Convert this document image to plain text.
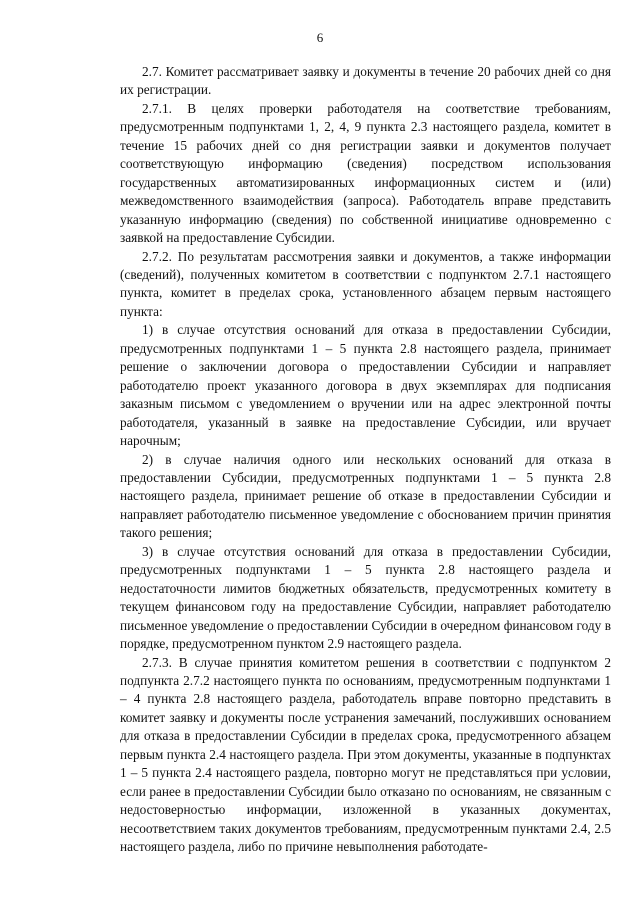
6

2.7. Комитет рассматривает заявку и документы в течение 20 рабочих дней со дня их регистрации.

2.7.1. В целях проверки работодателя на соответствие требованиям, предусмотренным подпунктами 1, 2, 4, 9 пункта 2.3 настоящего раздела, комитет в течение 15 рабочих дней со дня регистрации заявки и документов получает соответствующую информацию (сведения) посредством использования государственных автоматизированных информационных систем и (или) межведомственного взаимодействия (запроса). Работодатель вправе представить указанную информацию (сведения) по собственной инициативе одновременно с заявкой на предоставление Субсидии.

2.7.2. По результатам рассмотрения заявки и документов, а также информации (сведений), полученных комитетом в соответствии с подпунктом 2.7.1 настоящего пункта, комитет в пределах срока, установленного абзацем первым настоящего пункта:

1) в случае отсутствия оснований для отказа в предоставлении Субсидии, предусмотренных подпунктами 1 – 5 пункта 2.8 настоящего раздела, принимает решение о заключении договора о предоставлении Субсидии и направляет работодателю проект указанного договора в двух экземплярах для подписания заказным письмом с уведомлением о вручении или на адрес электронной почты работодателя, указанный в заявке на предоставление Субсидии, или вручает нарочным;

2) в случае наличия одного или нескольких оснований для отказа в предоставлении Субсидии, предусмотренных подпунктами 1 – 5 пункта 2.8 настоящего раздела, принимает решение об отказе в предоставлении Субсидии и направляет работодателю письменное уведомление с обоснованием причин принятия такого решения;

3) в случае отсутствия оснований для отказа в предоставлении Субсидии, предусмотренных подпунктами 1 – 5 пункта 2.8 настоящего раздела и недостаточности лимитов бюджетных обязательств, предусмотренных комитету в текущем финансовом году на предоставление Субсидии, направляет работодателю письменное уведомление о предоставлении Субсидии в очередном финансовом году в порядке, предусмотренном пунктом 2.9 настоящего раздела.

2.7.3. В случае принятия комитетом решения в соответствии с подпунктом 2 подпункта 2.7.2 настоящего пункта по основаниям, предусмотренным подпунктами 1 – 4 пункта 2.8 настоящего раздела, работодатель вправе повторно представить в комитет заявку и документы после устранения замечаний, послуживших основанием для отказа в предоставлении Субсидии в пределах срока, предусмотренного абзацем первым пункта 2.4 настоящего раздела. При этом документы, указанные в подпунктах 1 – 5 пункта 2.4 настоящего раздела, повторно могут не представляться при условии, если ранее в предоставлении Субсидии было отказано по основаниям, не связанным с недостоверностью информации, изложенной в указанных документах, несоответствием таких документов требованиям, предусмотренным пунктами 2.4, 2.5 настоящего раздела, либо по причине невыполнения работодате-
